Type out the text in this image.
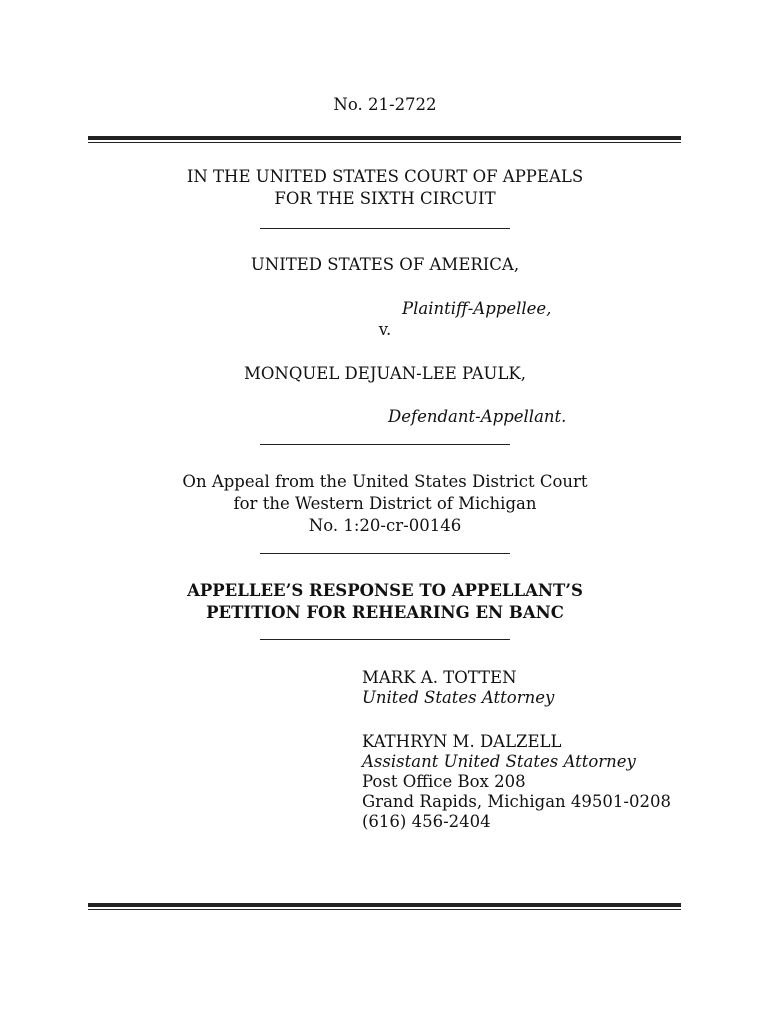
No. 21-2722
IN THE UNITED STATES COURT OF APPEALS
FOR THE SIXTH CIRCUIT
UNITED STATES OF AMERICA,
Plaintiff-Appellee,
v.
MONQUEL DEJUAN-LEE PAULK,
Defendant-Appellant.
On Appeal from the United States District Court
for the Western District of Michigan
No. 1:20-cr-00146
APPELLEE’S RESPONSE TO APPELLANT’S
PETITION FOR REHEARING EN BANC
MARK A. TOTTEN
United States Attorney
KATHRYN M. DALZELL
Assistant United States Attorney
Post Office Box 208
Grand Rapids, Michigan 49501-0208
(616) 456-2404
